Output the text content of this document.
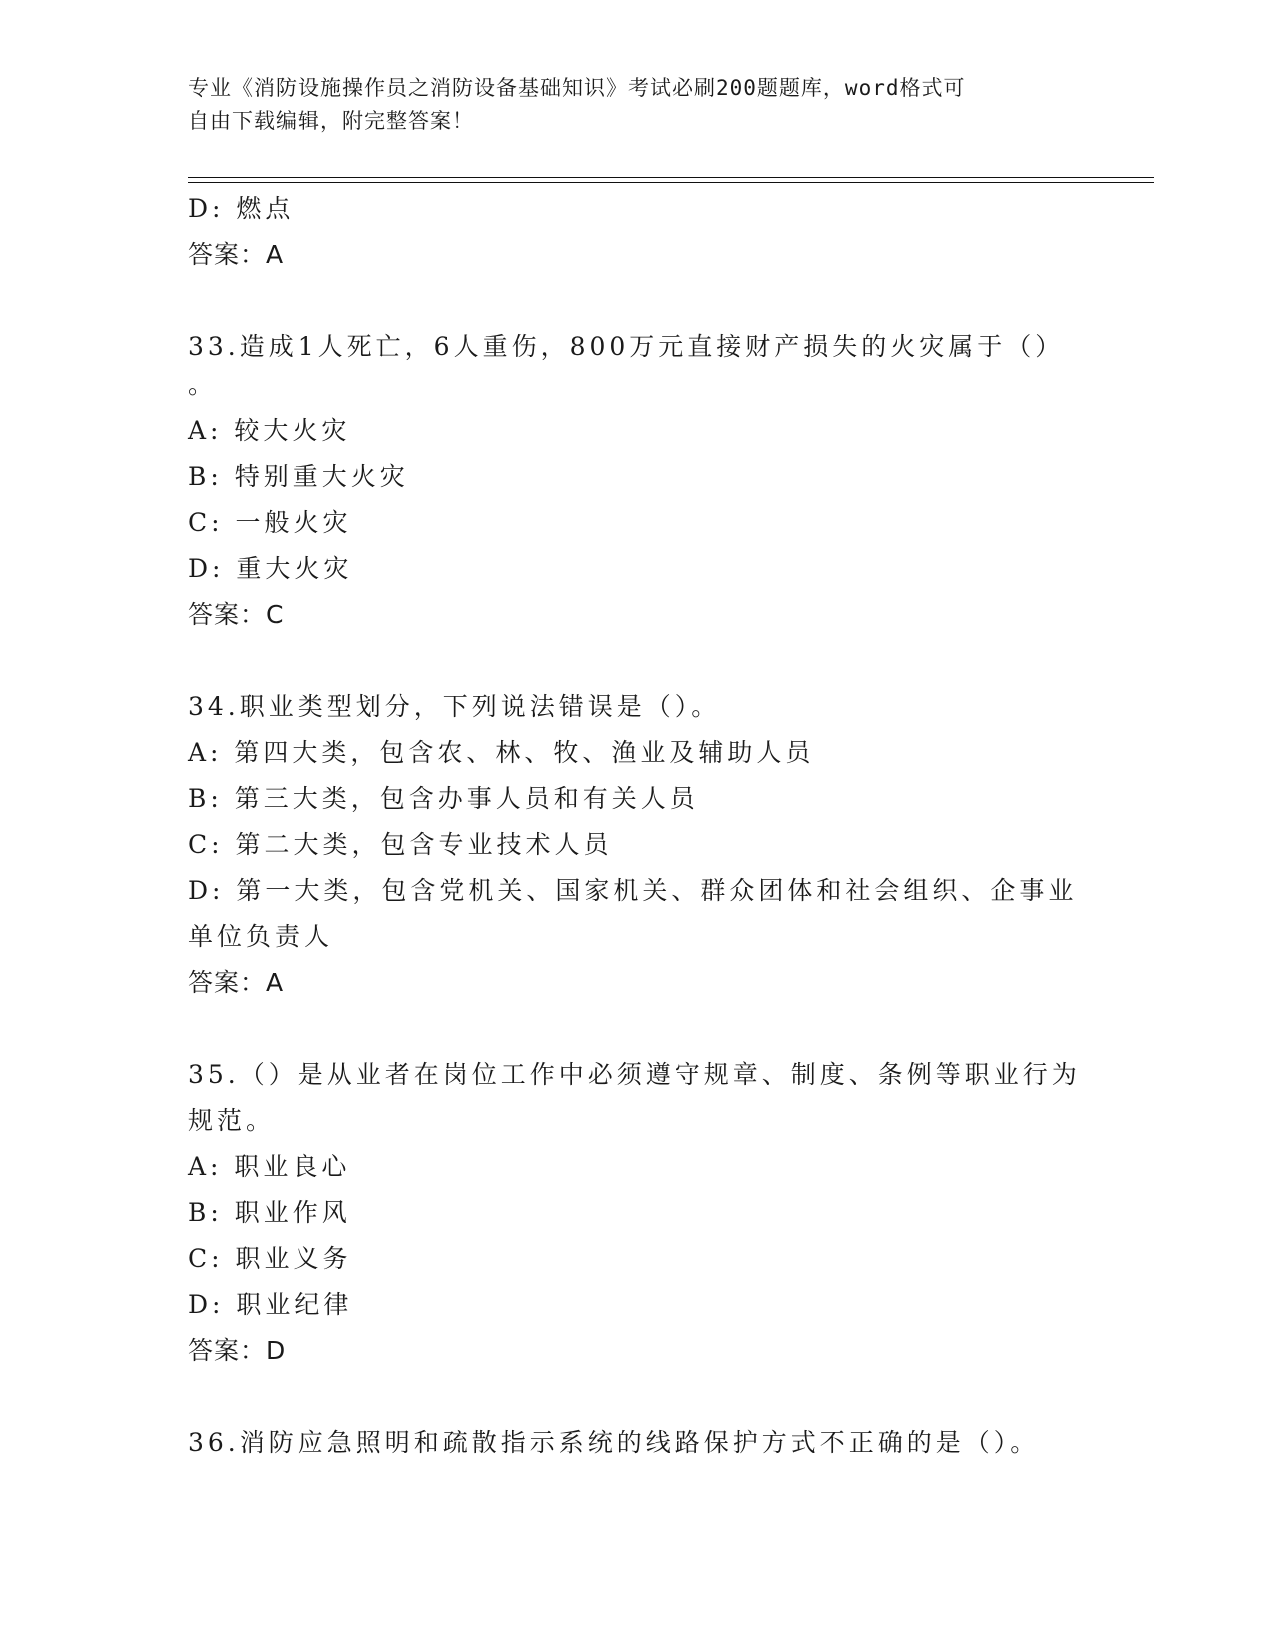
专业《消防设施操作员之消防设备基础知识》考试必刷200题题库，word格式可
自由下载编辑，附完整答案！
D: 燃点
答案：A
33.造成1人死亡，6人重伤，800万元直接财产损失的火灾属于（）
。
A: 较大火灾
B: 特别重大火灾
C: 一般火灾
D: 重大火灾
答案：C
34.职业类型划分，下列说法错误是（）。
A: 第四大类，包含农、林、牧、渔业及辅助人员
B: 第三大类，包含办事人员和有关人员
C: 第二大类，包含专业技术人员
D: 第一大类，包含党机关、国家机关、群众团体和社会组织、企事业
单位负责人
答案：A
35.（）是从业者在岗位工作中必须遵守规章、制度、条例等职业行为
规范。
A: 职业良心
B: 职业作风
C: 职业义务
D: 职业纪律
答案：D
36.消防应急照明和疏散指示系统的线路保护方式不正确的是（）。
